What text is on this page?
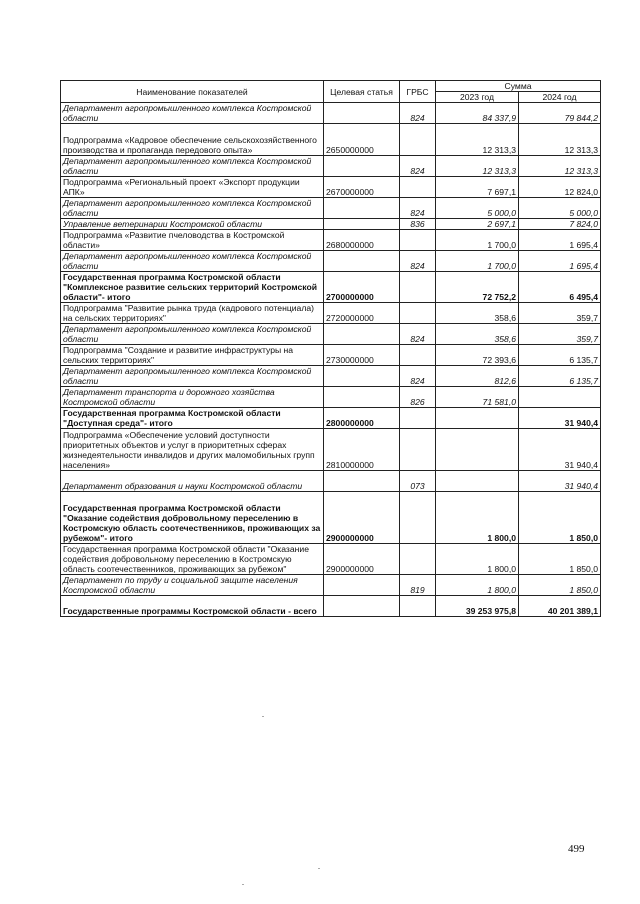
Наименование показателей	Целевая статья	ГРБС	Сумма	
			2023 год	2024 год
Департамент агропромышленного комплекса Костромской области		824	84 337,9	79 844,2
Подпрограмма «Кадровое обеспечение сельскохозяйственного производства и пропаганда передового опыта»	2650000000		12 313,3	12 313,3
Департамент агропромышленного комплекса Костромской области		824	12 313,3	12 313,3
Подпрограмма «Региональный проект «Экспорт продукции АПК»	2670000000		7 697,1	12 824,0
Департамент агропромышленного комплекса Костромской области		824	5 000,0	5 000,0
Управление ветеринарии Костромской области		836	2 697,1	7 824,0
Подпрограмма «Развитие пчеловодства в Костромской области»	2680000000		1 700,0	1 695,4
Департамент агропромышленного комплекса Костромской области		824	1 700,0	1 695,4
Государственная программа Костромской области "Комплексное развитие сельских территорий Костромской области"- итого	2700000000		72 752,2	6 495,4
Подпрограмма "Развитие рынка труда (кадрового потенциала) на сельских территориях"	2720000000		358,6	359,7
Департамент агропромышленного комплекса Костромской области		824	358,6	359,7
Подпрограмма "Создание и развитие инфраструктуры на сельских территориях"	2730000000		72 393,6	6 135,7
Департамент агропромышленного комплекса Костромской области		824	812,6	6 135,7
Департамент транспорта и дорожного хозяйства Костромской области		826	71 581,0	
Государственная программа Костромской области "Доступная среда"- итого	2800000000			31 940,4
Подпрограмма «Обеспечение условий доступности приоритетных объектов и услуг в приоритетных сферах жизнедеятельности инвалидов и других маломобильных групп населения»	2810000000			31 940,4
Департамент образования и науки Костромской области		073		31 940,4
Государственная программа Костромской области "Оказание содействия добровольному переселению в Костромскую область соотечественников, проживающих за рубежом"- итого	2900000000		1 800,0	1 850,0
Государственная программа Костромской области "Оказание содействия добровольному переселению в Костромскую область соотечественников, проживающих за рубежом"	2900000000		1 800,0	1 850,0
Департамент по труду и социальной защите населения Костромской области		819	1 800,0	1 850,0
Государственные программы Костромской области - всего			39 253 975,8	40 201 389,1
499
